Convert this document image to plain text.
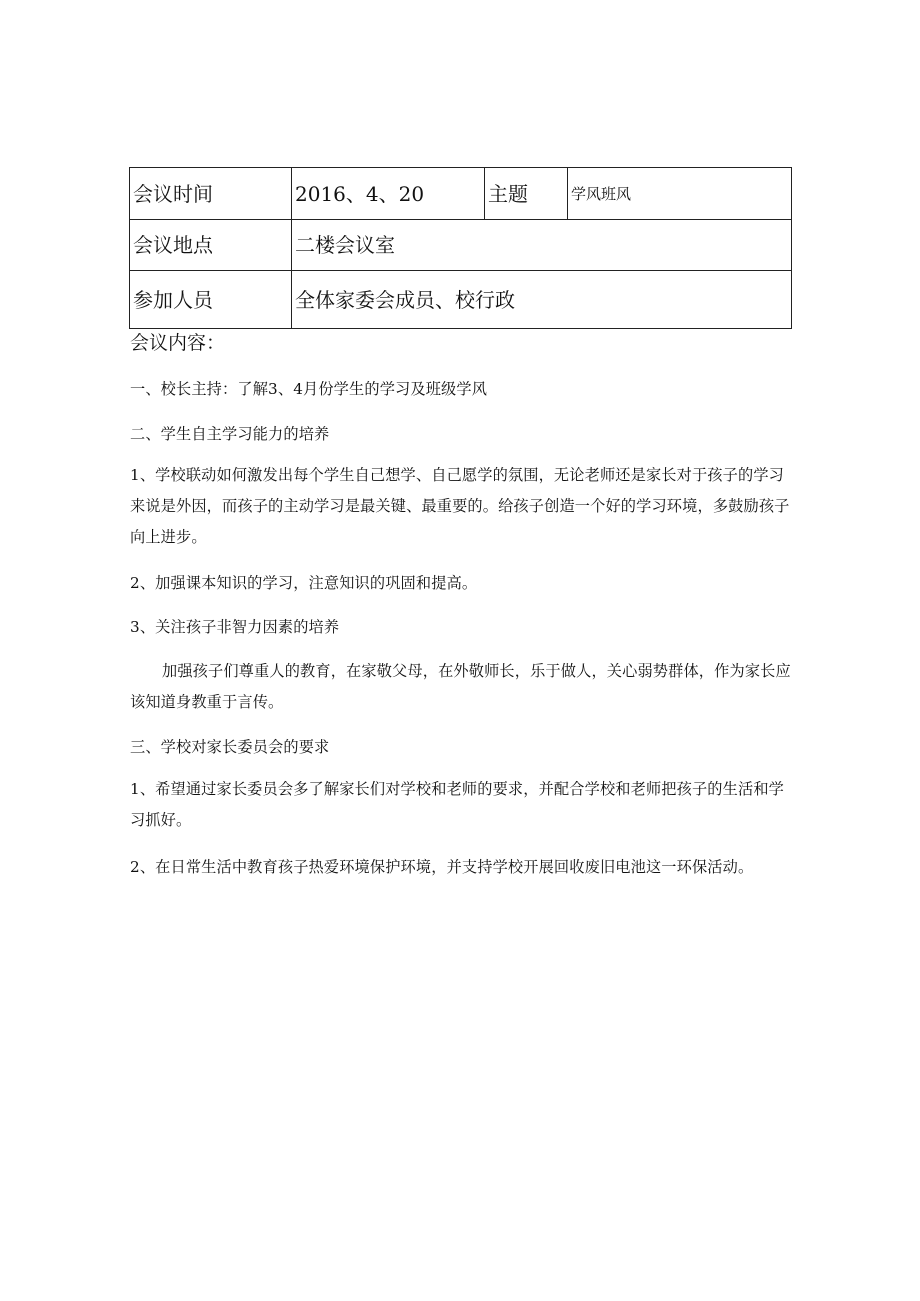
会议时间	2016、4、20	主题	学风班风
会议地点	二楼会议室		
参加人员	全体家委会成员、校行政		

会议内容：

一、校长主持：了解3、4月份学生的学习及班级学风

二、学生自主学习能力的培养

1、学校联动如何激发出每个学生自己想学、自己愿学的氛围，无论老师还是家长对于孩子的学习来说是外因，而孩子的主动学习是最关键、最重要的。给孩子创造一个好的学习环境，多鼓励孩子向上进步。

2、加强课本知识的学习，注意知识的巩固和提高。

3、关注孩子非智力因素的培养

加强孩子们尊重人的教育，在家敬父母，在外敬师长，乐于做人，关心弱势群体，作为家长应该知道身教重于言传。

三、学校对家长委员会的要求

1、希望通过家长委员会多了解家长们对学校和老师的要求，并配合学校和老师把孩子的生活和学习抓好。

2、在日常生活中教育孩子热爱环境保护环境，并支持学校开展回收废旧电池这一环保活动。
